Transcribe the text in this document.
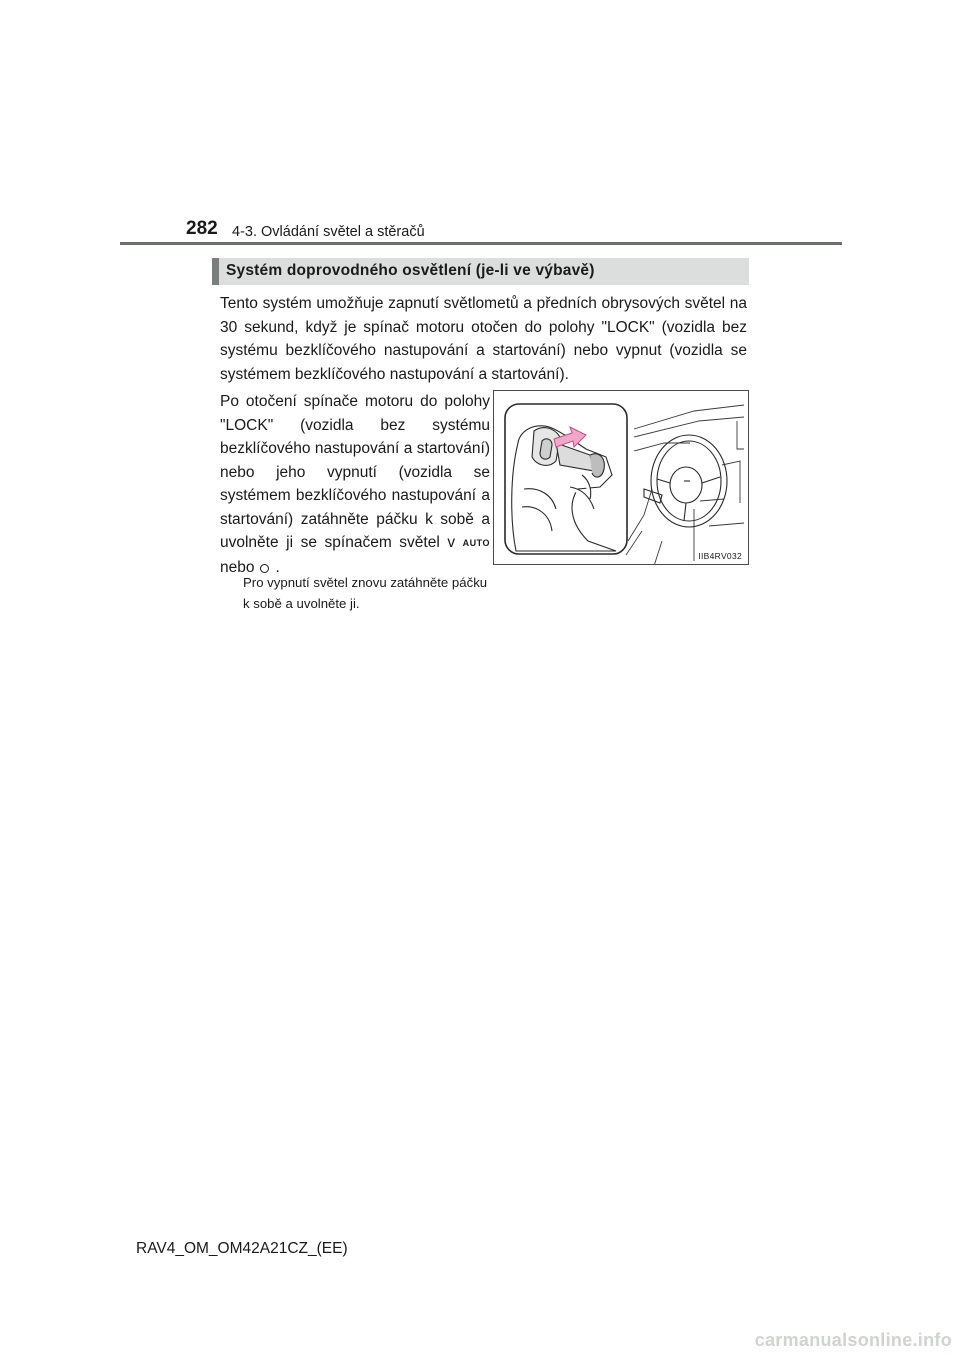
282 4-3. Ovládání světel a stěračů
Systém doprovodného osvětlení (je-li ve výbavě)

Tento systém umožňuje zapnutí světlometů a předních obrysových světel na 30 sekund, když je spínač motoru otočen do polohy "LOCK" (vozidla bez systému bezklíčového nastupování a startování) nebo vypnut (vozidla se systémem bezklíčového nastupování a startování).

Po otočení spínače motoru do polohy "LOCK" (vozidla bez systému bezklíčového nastupování a startování) nebo jeho vypnutí (vozidla se systémem bezklíčového nastupování a startování) zatáhněte páčku k sobě a uvolněte ji se spínačem světel v AUTO nebo .

Pro vypnutí světel znovu zatáhněte páčku k sobě a uvolněte ji.

IIB4RV032
RAV4_OM_OM42A21CZ_(EE)
carmanualsonline.info
